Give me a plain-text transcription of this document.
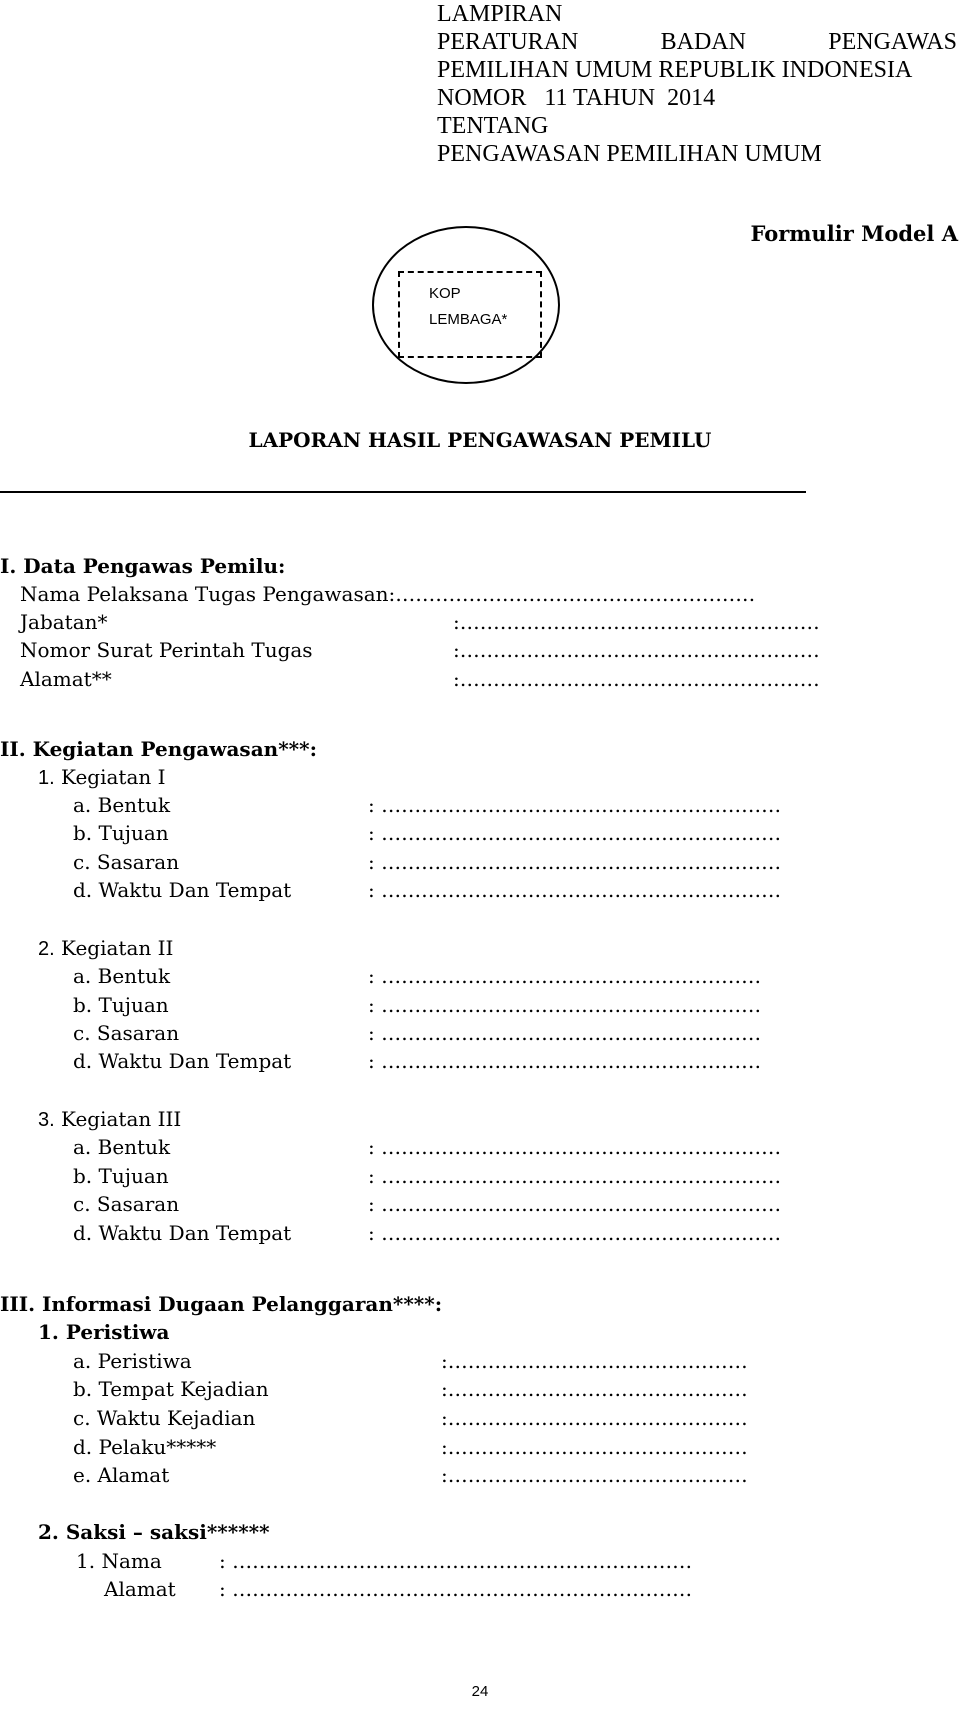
LAMPIRAN
PERATURAN	BADAN	PENGAWAS
PEMILIHAN UMUM REPUBLIK INDONESIA
NOMOR   11 TAHUN  2014
TENTANG
PENGAWASAN PEMILIHAN UMUM
Formulir Model A
KOP
LEMBAGA*
LAPORAN HASIL PENGAWASAN PEMILU
I. Data Pengawas Pemilu:
Nama Pelaksana Tugas Pengawasan:………………………………………………
Jabatan*	:………………………………………………
Nomor Surat Perintah Tugas	:………………………………………………
Alamat**	:………………………………………………
II. Kegiatan Pengawasan***:
1. Kegiatan I
a. Bentuk	: ……………………………………………………
b. Tujuan	: ……………………………………………………
c. Sasaran	: ……………………………………………………
d. Waktu Dan Tempat	: ……………………………………………………
2. Kegiatan II
a. Bentuk	: …………………………………………………
b. Tujuan	: …………………………………………………
c. Sasaran	: …………………………………………………
d. Waktu Dan Tempat	: …………………………………………………
3. Kegiatan III
a. Bentuk	: ……………………………………………………
b. Tujuan	: ……………………………………………………
c. Sasaran	: ……………………………………………………
d. Waktu Dan Tempat	: ……………………………………………………
III. Informasi Dugaan Pelanggaran****:
1. Peristiwa
a. Peristiwa	:………………………………………
b. Tempat Kejadian	:………………………………………
c. Waktu Kejadian	:………………………………………
d. Pelaku*****	:………………………………………
e. Alamat	:………………………………………
2. Saksi – saksi******
1. Nama	: ……………………………………………………………
Alamat : ……………………………………………………………
24
